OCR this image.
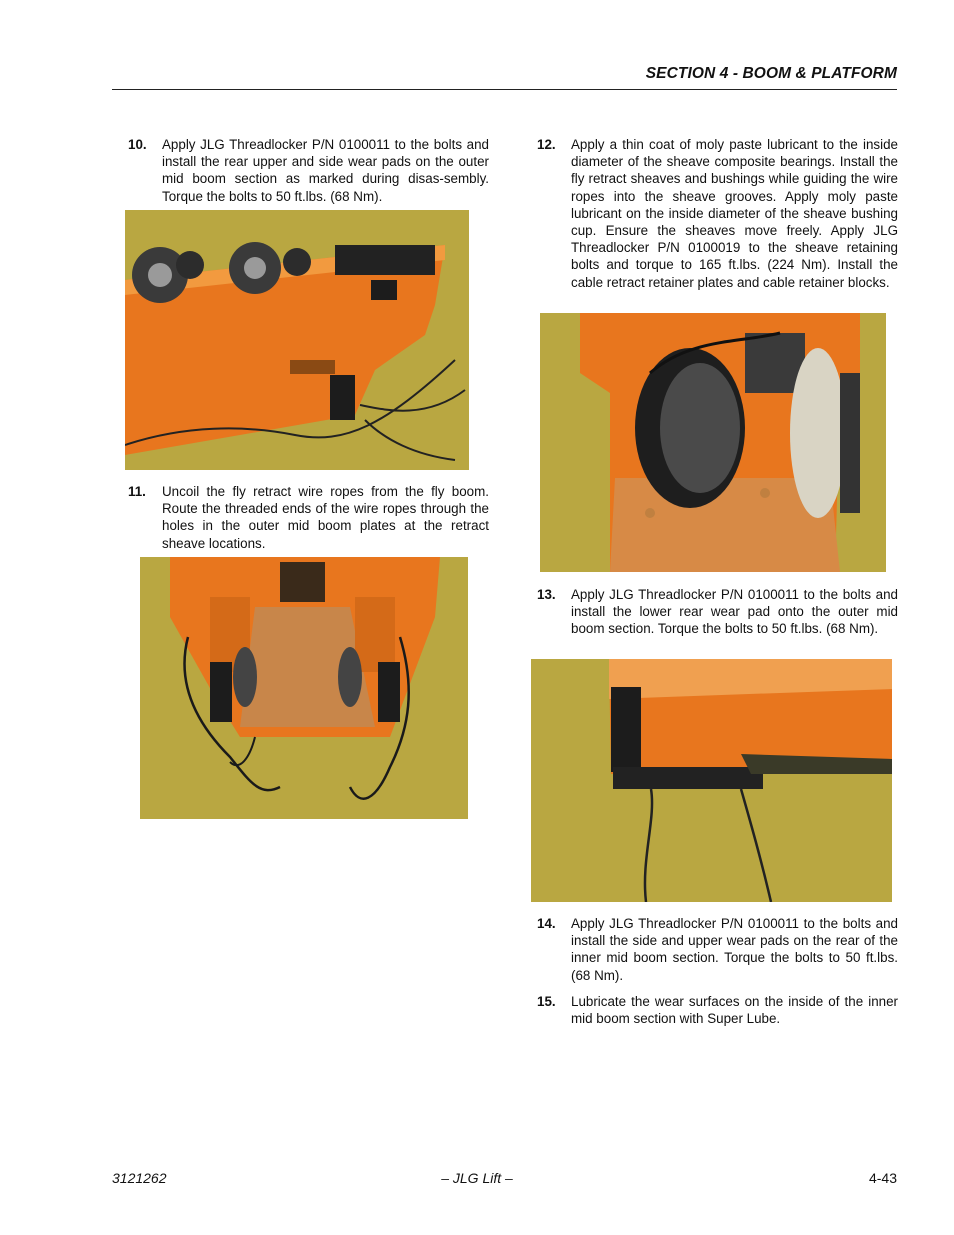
SECTION 4 - BOOM & PLATFORM
10. Apply JLG Threadlocker P/N 0100011 to the bolts and install the rear upper and side wear pads on the outer mid boom section as marked during disas-sembly. Torque the bolts to 50 ft.lbs. (68 Nm).
11. Uncoil the fly retract wire ropes from the fly boom. Route the threaded ends of the wire ropes through the holes in the outer mid boom plates at the retract sheave locations.
12. Apply a thin coat of moly paste lubricant to the inside diameter of the sheave composite bearings. Install the fly retract sheaves and bushings while guiding the wire ropes into the sheave grooves. Apply moly paste lubricant on the inside diameter of the sheave bushing cup. Ensure the sheaves move freely. Apply JLG Threadlocker P/N 0100019 to the sheave retaining bolts and torque to 165 ft.lbs. (224 Nm). Install the cable retract retainer plates and cable retainer blocks.
13. Apply JLG Threadlocker P/N 0100011 to the bolts and install the lower rear wear pad onto the outer mid boom section. Torque the bolts to 50 ft.lbs. (68 Nm).
14. Apply JLG Threadlocker P/N 0100011 to the bolts and install the side and upper wear pads on the rear of the inner mid boom section. Torque the bolts to 50 ft.lbs. (68 Nm).
15. Lubricate the wear surfaces on the inside of the inner mid boom section with Super Lube.
3121262	– JLG Lift –	4-43
